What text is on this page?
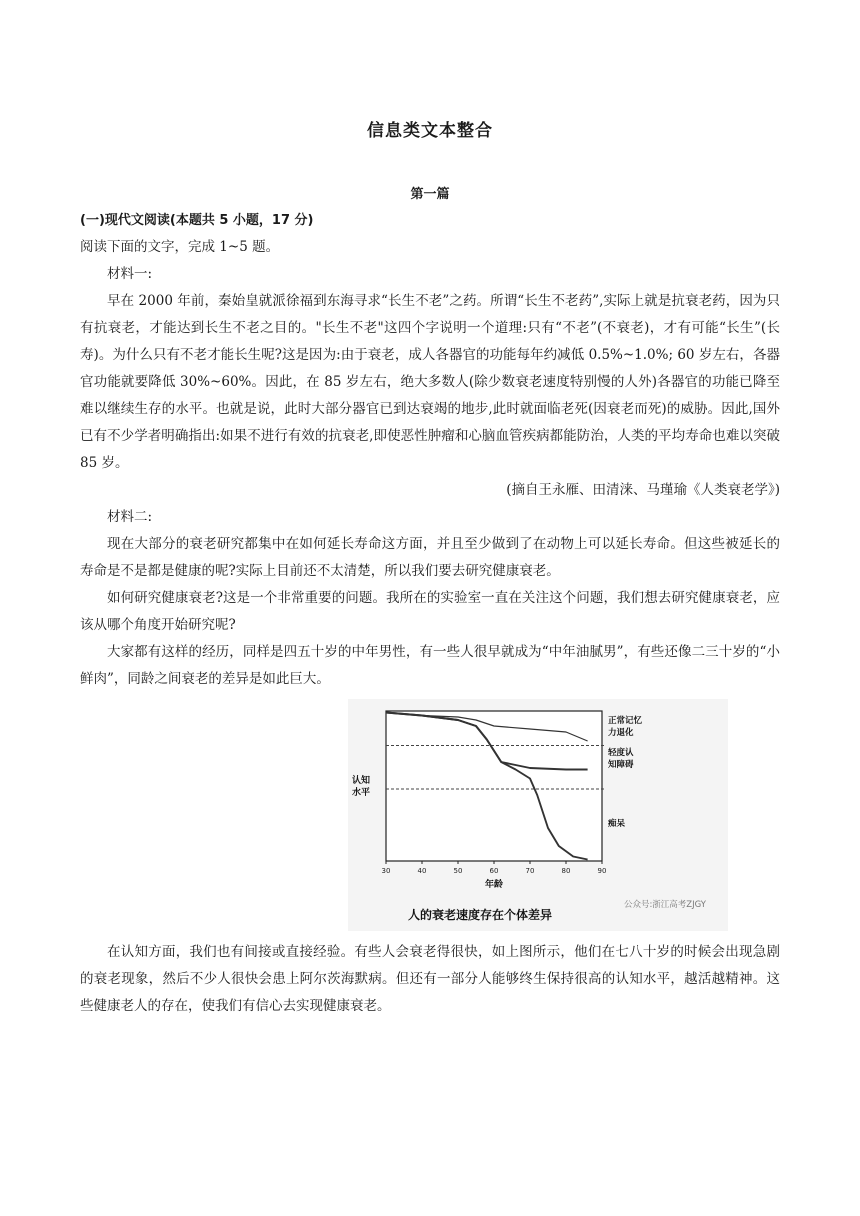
信息类文本整合
第一篇

(一)现代文阅读(本题共 5 小题，17 分)

阅读下面的文字，完成 1~5 题。

材料一:

早在 2000 年前，秦始皇就派徐福到东海寻求“长生不老”之药。所谓“长生不老药”,实际上就是抗衰老药，因为只有抗衰老，才能达到长生不老之目的。"长生不老"这四个字说明一个道理:只有“不老”(不衰老)，才有可能“长生”(长寿)。为什么只有不老才能长生呢?这是因为:由于衰老，成人各器官的功能每年约减低 0.5%~1.0%; 60 岁左右，各器官功能就要降低 30%~60%。因此，在 85 岁左右，绝大多数人(除少数衰老速度特别慢的人外)各器官的功能已降至难以继续生存的水平。也就是说，此时大部分器官已到达衰竭的地步,此时就面临老死(因衰老而死)的威胁。因此,国外已有不少学者明确指出:如果不进行有效的抗衰老,即使恶性肿瘤和心脑血管疾病都能防治，人类的平均寿命也难以突破 85 岁。

(摘自王永雁、田清涞、马瑾瑜《人类衰老学》)

材料二:

现在大部分的衰老研究都集中在如何延长寿命这方面，并且至少做到了在动物上可以延长寿命。但这些被延长的寿命是不是都是健康的呢?实际上目前还不太清楚，所以我们要去研究健康衰老。

如何研究健康衰老?这是一个非常重要的问题。我所在的实验室一直在关注这个问题，我们想去研究健康衰老，应该从哪个角度开始研究呢?

大家都有这样的经历，同样是四五十岁的中年男性，有一些人很早就成为“中年油腻男”，有些还像二三十岁的“小鲜肉”，同龄之间衰老的差异是如此巨大。

30	40	50	60	70	80	90
年龄
认知
水平
正常记忆
力退化
轻度认
知障碍
痴呆
人的衰老速度存在个体差异
公众号:浙江高考ZJGY

在认知方面，我们也有间接或直接经验。有些人会衰老得很快，如上图所示，他们在七八十岁的时候会出现急剧的衰老现象，然后不少人很快会患上阿尔茨海默病。但还有一部分人能够终生保持很高的认知水平，越活越精神。这些健康老人的存在，使我们有信心去实现健康衰老。
